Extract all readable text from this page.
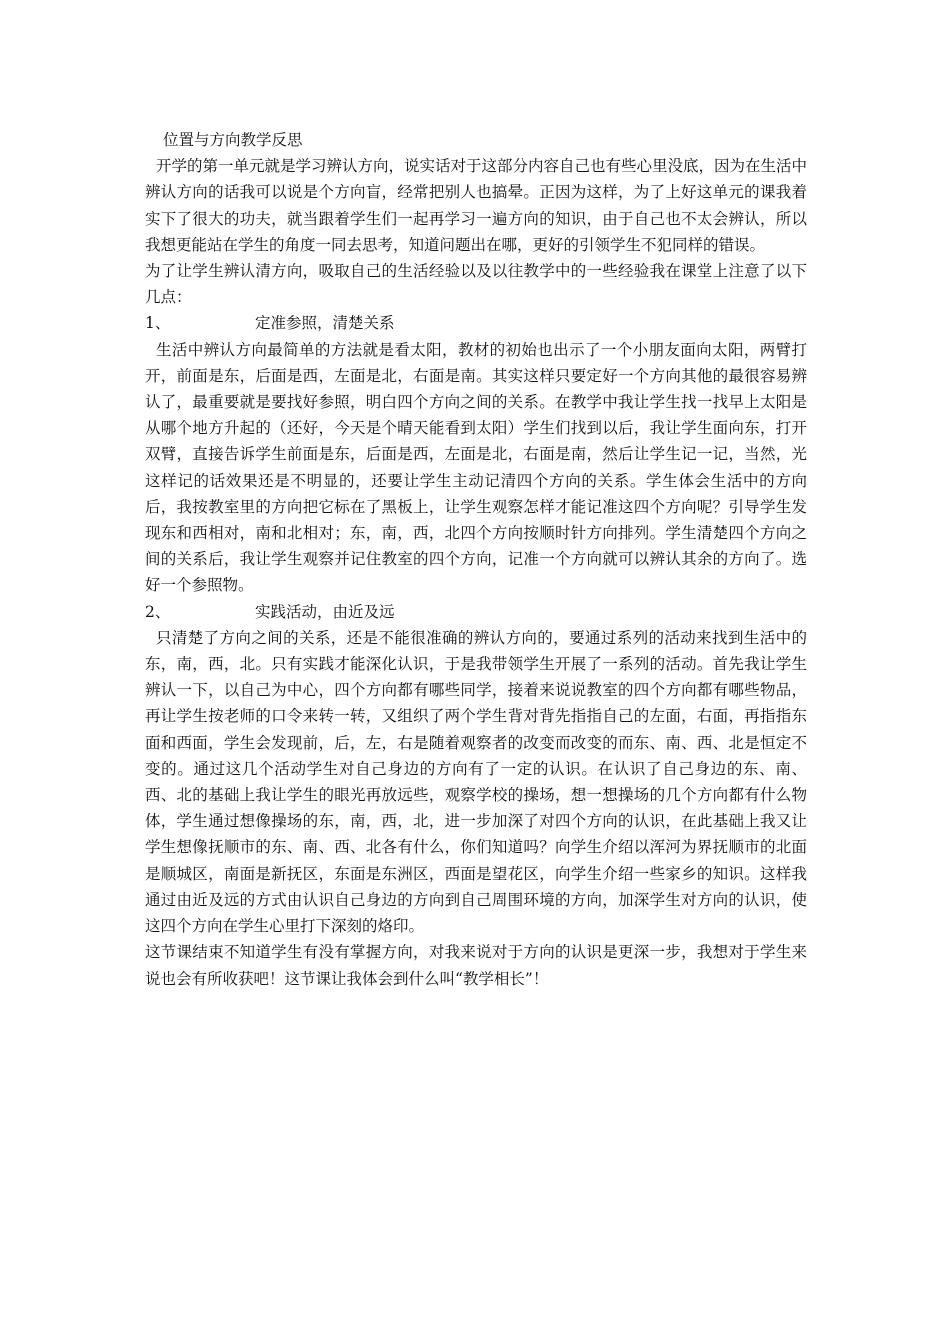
位置与方向教学反思

开学的第一单元就是学习辨认方向，说实话对于这部分内容自己也有些心里没底，因为在生活中辨认方向的话我可以说是个方向盲，经常把别人也搞晕。正因为这样，为了上好这单元的课我着实下了很大的功夫，就当跟着学生们一起再学习一遍方向的知识，由于自己也不太会辨认，所以我想更能站在学生的角度一同去思考，知道问题出在哪，更好的引领学生不犯同样的错误。

为了让学生辨认清方向，吸取自己的生活经验以及以往教学中的一些经验我在课堂上注意了以下几点：

1、	定准参照，清楚关系

生活中辨认方向最简单的方法就是看太阳，教材的初始也出示了一个小朋友面向太阳，两臂打开，前面是东，后面是西，左面是北，右面是南。其实这样只要定好一个方向其他的最很容易辨认了，最重要就是要找好参照，明白四个方向之间的关系。在教学中我让学生找一找早上太阳是从哪个地方升起的（还好，今天是个晴天能看到太阳）学生们找到以后，我让学生面向东，打开双臂，直接告诉学生前面是东，后面是西，左面是北，右面是南，然后让学生记一记，当然，光这样记的话效果还是不明显的，还要让学生主动记清四个方向的关系。学生体会生活中的方向后，我按教室里的方向把它标在了黑板上，让学生观察怎样才能记准这四个方向呢？引导学生发现东和西相对，南和北相对；东，南，西，北四个方向按顺时针方向排列。学生清楚四个方向之间的关系后，我让学生观察并记住教室的四个方向，记准一个方向就可以辨认其余的方向了。选好一个参照物。

2、	实践活动，由近及远

只清楚了方向之间的关系，还是不能很准确的辨认方向的，要通过系列的活动来找到生活中的东，南，西，北。只有实践才能深化认识，于是我带领学生开展了一系列的活动。首先我让学生辨认一下，以自己为中心，四个方向都有哪些同学，接着来说说教室的四个方向都有哪些物品，再让学生按老师的口令来转一转，又组织了两个学生背对背先指指自己的左面，右面，再指指东面和西面，学生会发现前，后，左，右是随着观察者的改变而改变的而东、南、西、北是恒定不变的。通过这几个活动学生对自己身边的方向有了一定的认识。在认识了自己身边的东、南、西、北的基础上我让学生的眼光再放远些，观察学校的操场，想一想操场的几个方向都有什么物体，学生通过想像操场的东，南，西，北，进一步加深了对四个方向的认识，在此基础上我又让学生想像抚顺市的东、南、西、北各有什么，你们知道吗？向学生介绍以浑河为界抚顺市的北面是顺城区，南面是新抚区，东面是东洲区，西面是望花区，向学生介绍一些家乡的知识。这样我通过由近及远的方式由认识自己身边的方向到自己周围环境的方向，加深学生对方向的认识，使这四个方向在学生心里打下深刻的烙印。

这节课结束不知道学生有没有掌握方向，对我来说对于方向的认识是更深一步，我想对于学生来说也会有所收获吧！这节课让我体会到什么叫“教学相长”！
